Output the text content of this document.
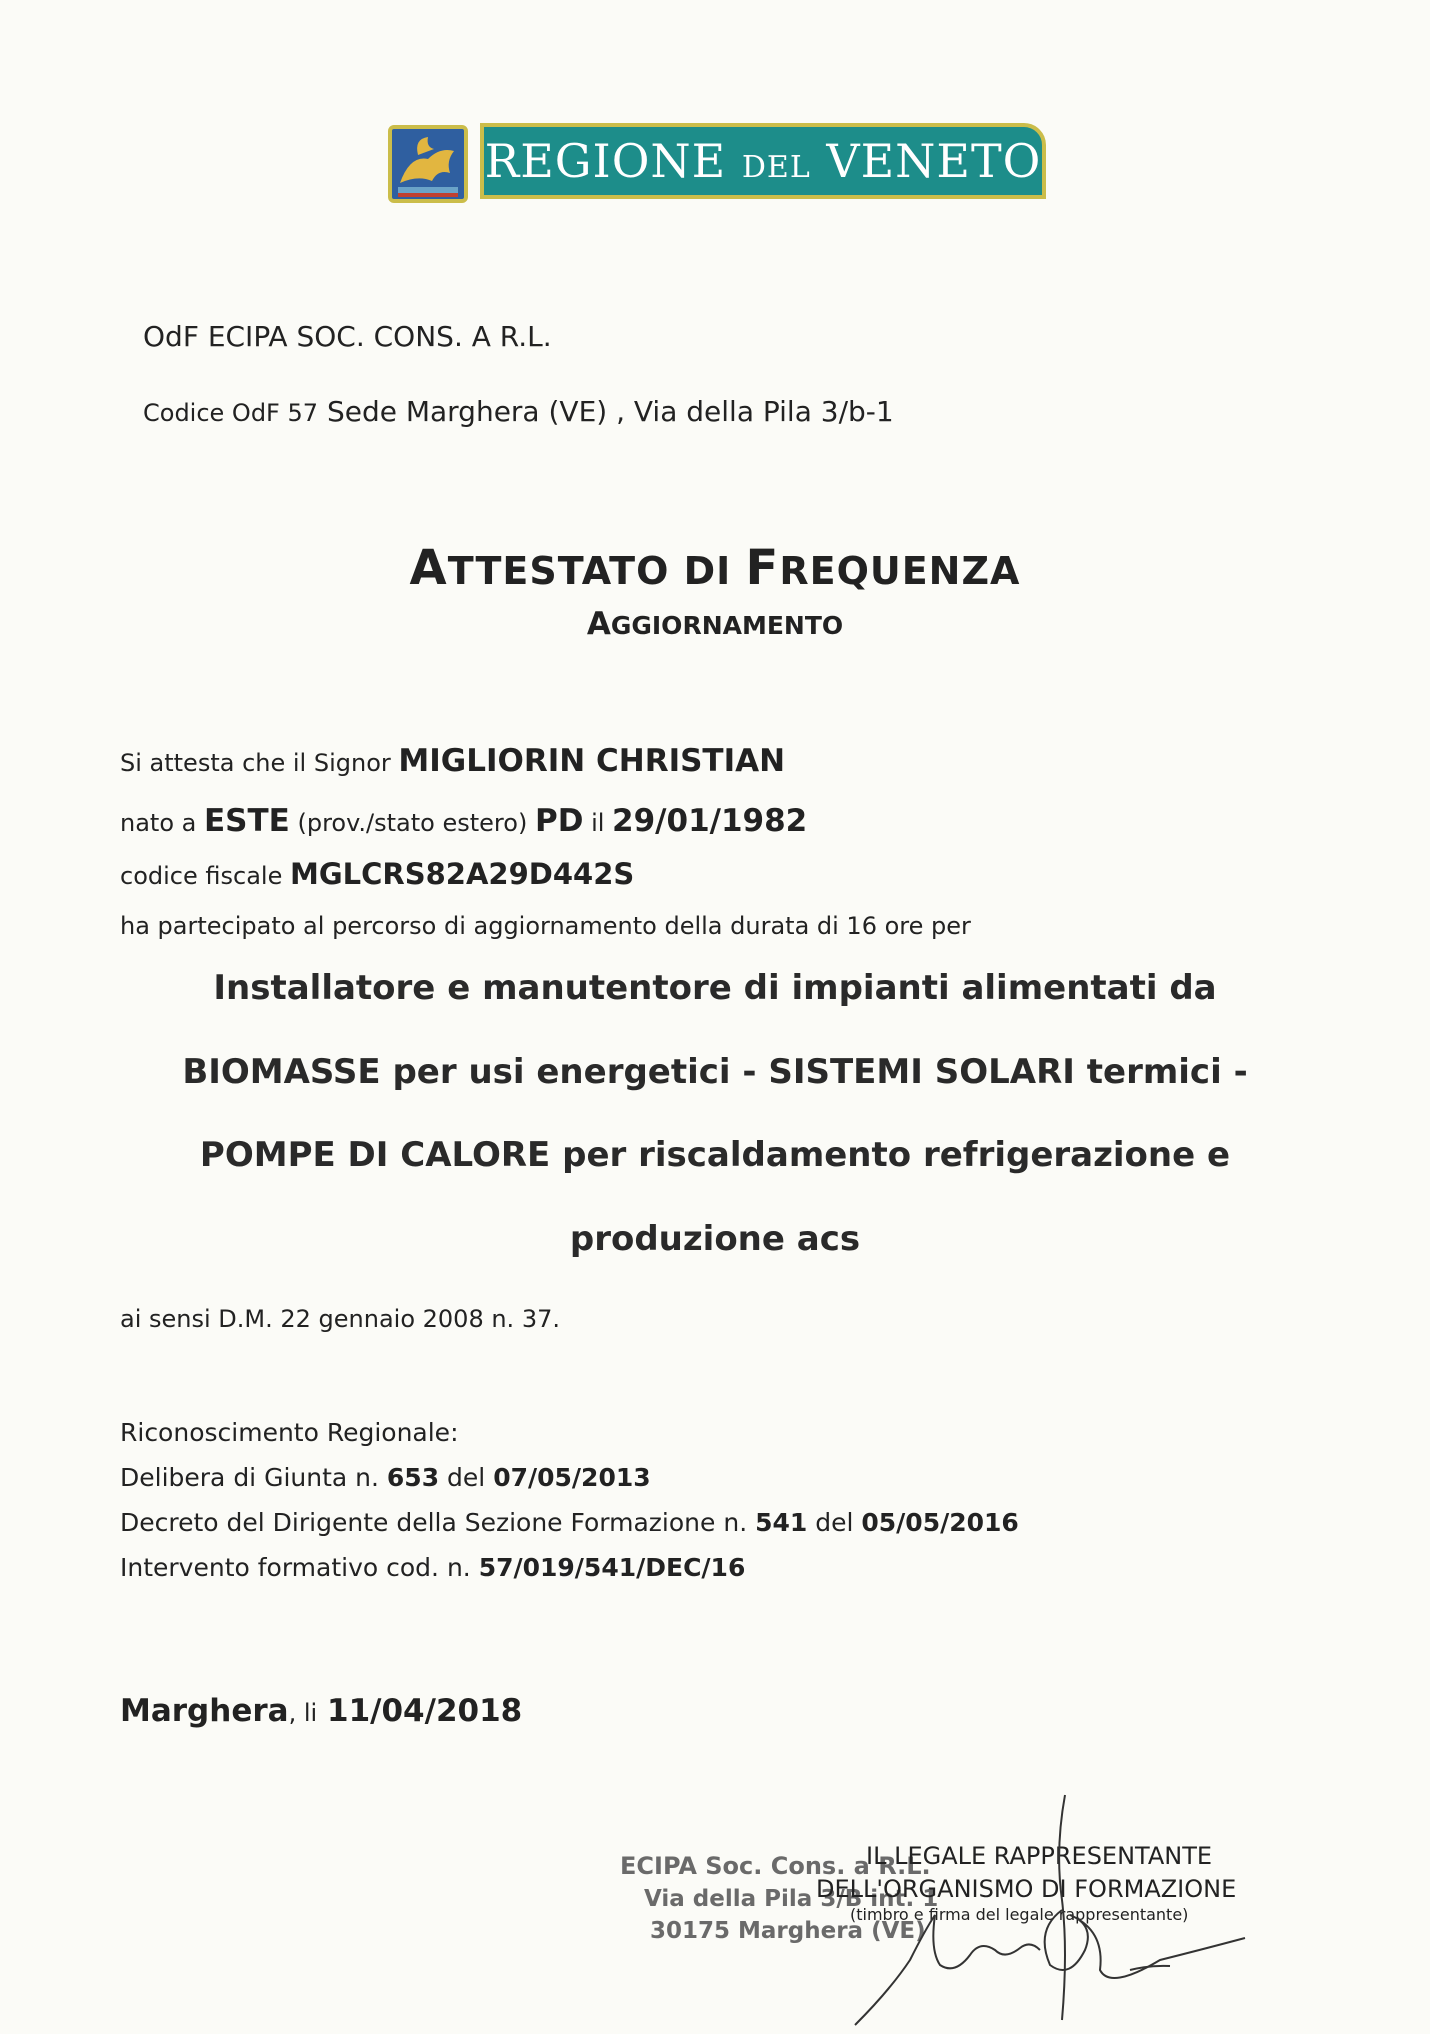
REGIONE DEL VENETO
OdF ECIPA SOC. CONS. A R.L.
Codice OdF 57 Sede Marghera (VE) , Via della Pila 3/b-1
ATTESTATO DI FREQUENZA
AGGIORNAMENTO
Si attesta che il Signor MIGLIORIN CHRISTIAN
nato a ESTE (prov./stato estero) PD il 29/01/1982
codice fiscale MGLCRS82A29D442S
ha partecipato al percorso di aggiornamento della durata di 16 ore per
Installatore e manutentore di impianti alimentati da
BIOMASSE per usi energetici - SISTEMI SOLARI termici -
POMPE DI CALORE per riscaldamento refrigerazione e
produzione acs
ai sensi D.M. 22 gennaio 2008 n. 37.
Riconoscimento Regionale:
Delibera di Giunta n. 653 del 07/05/2013
Decreto del Dirigente della Sezione Formazione n. 541 del 05/05/2016
Intervento formativo cod. n. 57/019/541/DEC/16
Marghera, li 11/04/2018
ECIPA Soc. Cons. a R.L.
Via della Pila 3/B int. 1
30175 Marghera (VE)
IL LEGALE RAPPRESENTANTE
DELL'ORGANISMO DI FORMAZIONE
(timbro e firma del legale rappresentante)
